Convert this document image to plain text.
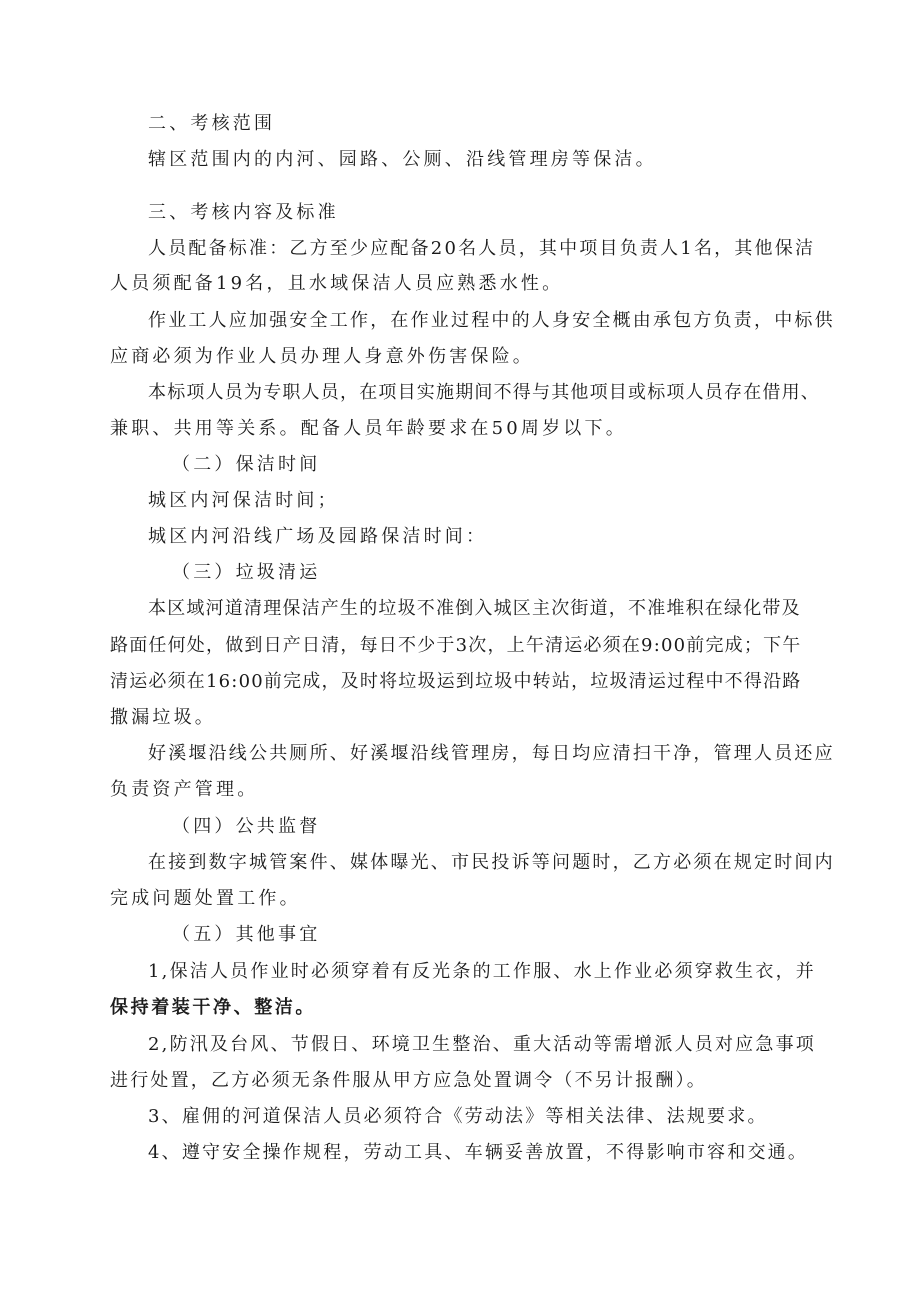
二、考核范围
辖区范围内的内河、园路、公厕、沿线管理房等保洁。
三、考核内容及标准
人员配备标准：乙方至少应配备20名人员，其中项目负责人1名，其他保洁
人员须配备19名，且水域保洁人员应熟悉水性。
作业工人应加强安全工作，在作业过程中的人身安全概由承包方负责，中标供
应商必须为作业人员办理人身意外伤害保险。
本标项人员为专职人员，在项目实施期间不得与其他项目或标项人员存在借用、
兼职、共用等关系。配备人员年龄要求在50周岁以下。
（二）保洁时间
城区内河保洁时间；
城区内河沿线广场及园路保洁时间：
（三）垃圾清运
本区域河道清理保洁产生的垃圾不准倒入城区主次街道，不准堆积在绿化带及
路面任何处，做到日产日清，每日不少于3次，上午清运必须在9:00前完成；下午
清运必须在16:00前完成，及时将垃圾运到垃圾中转站，垃圾清运过程中不得沿路
撒漏垃圾。
好溪堰沿线公共厕所、好溪堰沿线管理房，每日均应清扫干净，管理人员还应
负责资产管理。
（四）公共监督
在接到数字城管案件、媒体曝光、市民投诉等问题时，乙方必须在规定时间内
完成问题处置工作。
（五）其他事宜
1,保洁人员作业时必须穿着有反光条的工作服、水上作业必须穿救生衣，并
保持着装干净、整洁。
2,防汛及台风、节假日、环境卫生整治、重大活动等需增派人员对应急事项
进行处置，乙方必须无条件服从甲方应急处置调令（不另计报酬）。
3、雇佣的河道保洁人员必须符合《劳动法》等相关法律、法规要求。
4、遵守安全操作规程，劳动工具、车辆妥善放置，不得影响市容和交通。
